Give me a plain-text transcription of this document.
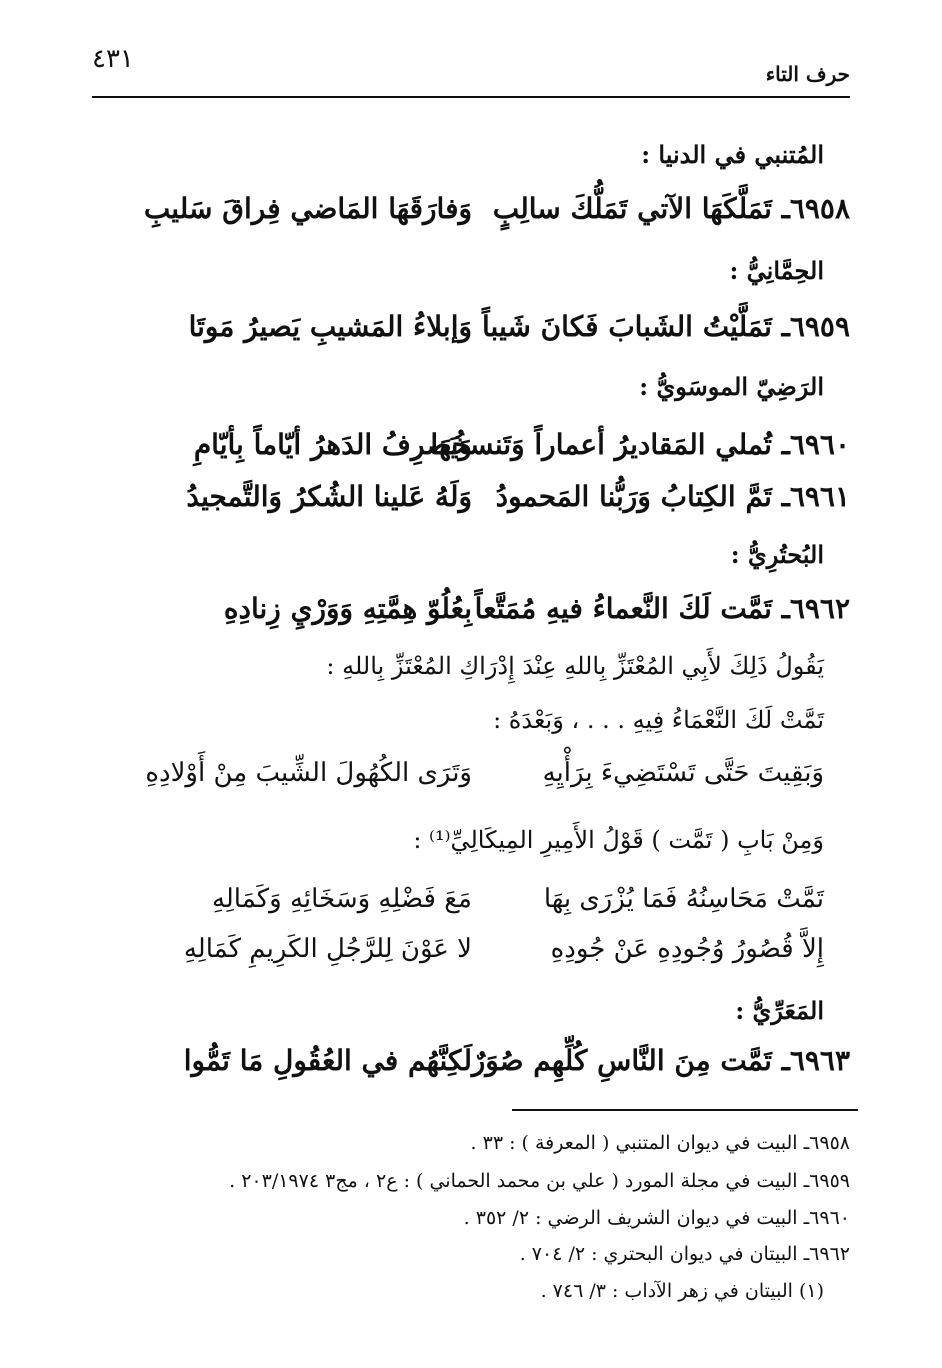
٤٣١	حرف التاء
المُتنبي في الدنيا :
٦٩٥٨ـ تَمَلَّكَهَا الآتي تَمَلُّكَ سالِبٍ
وَفارَقَهَا المَاضي فِراقَ سَليبِ
الحِمَّانِيُّ :
٦٩٥٩ـ تَمَلَّيْتُ الشَبابَ فَكانَ شَيباً
وَإبلاءُ المَشيبِ يَصيرُ مَوتَا
الرَضِيّ الموسَويُّ :
٦٩٦٠ـ تُملي المَقاديرُ أعماراً وَتَنسخُهَا
وَيَصرِفُ الدَهرُ أيّاماً بِأيّامِ
٦٩٦١ـ تَمَّ الكِتابُ وَرَبُّنا المَحمودُ
وَلَهُ عَلينا الشُكرُ وَالتَّمجيدُ
البُحتُرِيُّ :
٦٩٦٢ـ تَمَّت لَكَ النَّعماءُ فيهِ مُمَتَّعاً
بِعُلُوّ هِمَّتِهِ وَوَرْيِ زِنادِهِ
يَقُولُ ذَلِكَ لأَبِي المُعْتَزِّ بِاللهِ عِنْدَ إِدْرَاكِ المُعْتَزِّ بِاللهِ :
تَمَّتْ لَكَ النَّعْمَاءُ فِيهِ . . . ، وَبَعْدَهُ :
وَبَقِيتَ حَتَّى تَسْتَضِيءَ بِرَأْيِهِ
وَتَرَى الكُهُولَ الشِّيبَ مِنْ أَوْلادِهِ
وَمِنْ بَابِ ( تَمَّت ) قَوْلُ الأَمِيرِ المِيكَالِيِّ⁽¹⁾ :
تَمَّتْ مَحَاسِنُهُ فَمَا يُزْرَى بِهَا
مَعَ فَضْلِهِ وَسَخَائِهِ وَكَمَالِهِ
إِلاَّ قُصُورُ وُجُودِهِ عَنْ جُودِهِ
لا عَوْنَ لِلرَّجُلِ الكَرِيمِ كَمَالِهِ
المَعَرِّيُّ :
٦٩٦٣ـ تَمَّت مِنَ النَّاسِ كُلِّهِم صُوَرٌ
لَكِنَّهُم في العُقُولِ مَا تَمُّوا
٦٩٥٨ـ البيت في ديوان المتنبي ( المعرفة ) : ٣٣ .
٦٩٥٩ـ البيت في مجلة المورد ( علي بن محمد الحماني ) : ع٢ ، مج٣ ٢٠٣/١٩٧٤ .
٦٩٦٠ـ البيت في ديوان الشريف الرضي : ٢/ ٣٥٢ .
٦٩٦٢ـ البيتان في ديوان البحتري : ٢/ ٧٠٤ .
(١) البيتان في زهر الآداب : ٣/ ٧٤٦ .
